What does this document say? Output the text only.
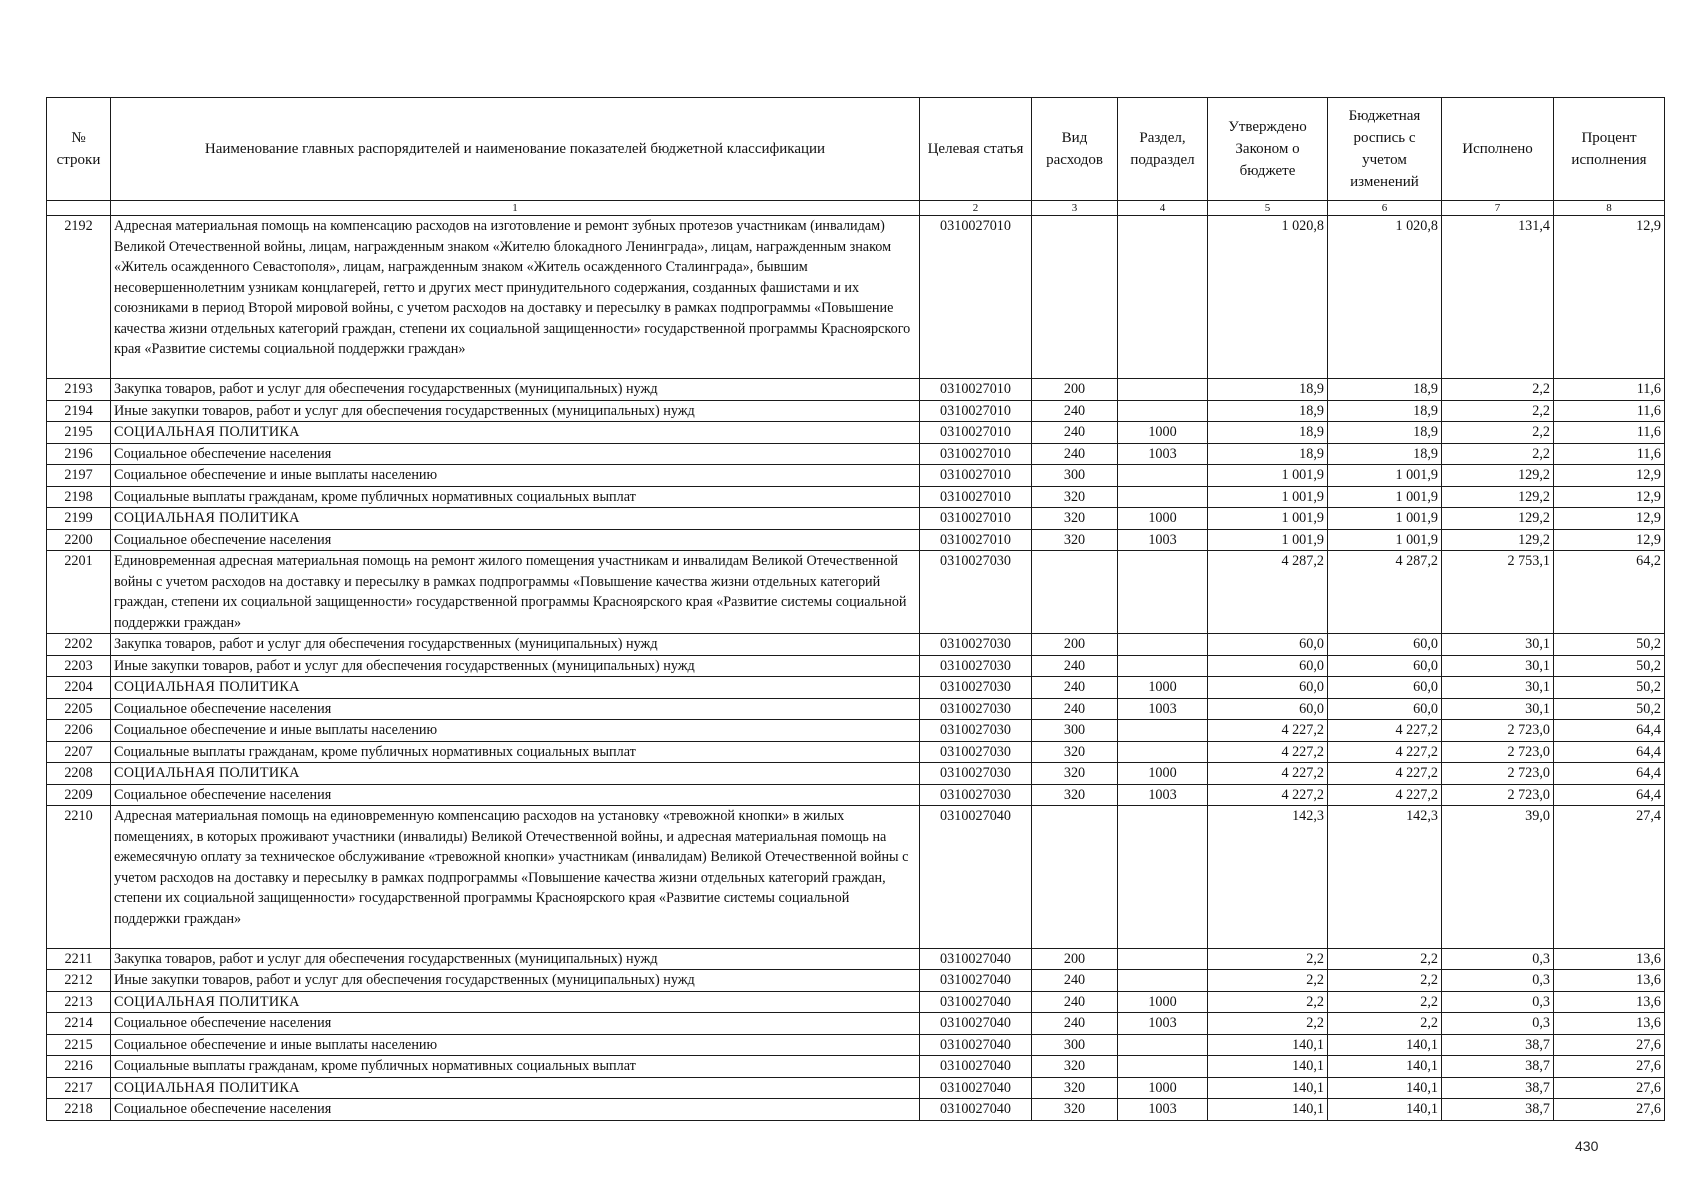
№ строки	Наименование главных распорядителей и наименование показателей бюджетной классификации	Целевая статья	Вид расходов	Раздел, подраздел	Утверждено Законом о бюджете	Бюджетная роспись с учетом изменений	Исполнено	Процент исполнения
	1	2	3	4	5	6	7	8
2192	Адресная материальная помощь на компенсацию расходов на изготовление и ремонт зубных протезов участникам (инвалидам) Великой Отечественной войны, лицам, награжденным знаком «Жителю блокадного Ленинграда», лицам, награжденным знаком «Житель осажденного Севастополя», лицам, награжденным знаком «Житель осажденного Сталинграда», бывшим несовершеннолетним узникам концлагерей, гетто и других мест принудительного содержания, созданных фашистами и их союзниками в период Второй мировой войны, с учетом расходов на доставку и пересылку в рамках подпрограммы «Повышение качества жизни отдельных категорий граждан, степени их социальной защищенности» государственной программы Красноярского края «Развитие системы социальной поддержки граждан»	0310027010			1 020,8	1 020,8	131,4	12,9
2193	Закупка товаров, работ и услуг для обеспечения государственных (муниципальных) нужд	0310027010	200		18,9	18,9	2,2	11,6
2194	Иные закупки товаров, работ и услуг для обеспечения государственных (муниципальных) нужд	0310027010	240		18,9	18,9	2,2	11,6
2195	СОЦИАЛЬНАЯ ПОЛИТИКА	0310027010	240	1000	18,9	18,9	2,2	11,6
2196	Социальное обеспечение населения	0310027010	240	1003	18,9	18,9	2,2	11,6
2197	Социальное обеспечение и иные выплаты населению	0310027010	300		1 001,9	1 001,9	129,2	12,9
2198	Социальные выплаты гражданам, кроме публичных нормативных социальных выплат	0310027010	320		1 001,9	1 001,9	129,2	12,9
2199	СОЦИАЛЬНАЯ ПОЛИТИКА	0310027010	320	1000	1 001,9	1 001,9	129,2	12,9
2200	Социальное обеспечение населения	0310027010	320	1003	1 001,9	1 001,9	129,2	12,9
2201	Единовременная адресная материальная помощь на ремонт жилого помещения участникам и инвалидам Великой Отечественной войны с учетом расходов на доставку и пересылку в рамках подпрограммы «Повышение качества жизни отдельных категорий граждан, степени их социальной защищенности» государственной программы Красноярского края «Развитие системы социальной поддержки граждан»	0310027030			4 287,2	4 287,2	2 753,1	64,2
2202	Закупка товаров, работ и услуг для обеспечения государственных (муниципальных) нужд	0310027030	200		60,0	60,0	30,1	50,2
2203	Иные закупки товаров, работ и услуг для обеспечения государственных (муниципальных) нужд	0310027030	240		60,0	60,0	30,1	50,2
2204	СОЦИАЛЬНАЯ ПОЛИТИКА	0310027030	240	1000	60,0	60,0	30,1	50,2
2205	Социальное обеспечение населения	0310027030	240	1003	60,0	60,0	30,1	50,2
2206	Социальное обеспечение и иные выплаты населению	0310027030	300		4 227,2	4 227,2	2 723,0	64,4
2207	Социальные выплаты гражданам, кроме публичных нормативных социальных выплат	0310027030	320		4 227,2	4 227,2	2 723,0	64,4
2208	СОЦИАЛЬНАЯ ПОЛИТИКА	0310027030	320	1000	4 227,2	4 227,2	2 723,0	64,4
2209	Социальное обеспечение населения	0310027030	320	1003	4 227,2	4 227,2	2 723,0	64,4
2210	Адресная материальная помощь на единовременную компенсацию расходов на установку «тревожной кнопки» в жилых помещениях, в которых проживают участники (инвалиды) Великой Отечественной войны, и адресная материальная помощь на ежемесячную оплату за техническое обслуживание «тревожной кнопки» участникам (инвалидам) Великой Отечественной войны с учетом расходов на доставку и пересылку в рамках подпрограммы «Повышение качества жизни отдельных категорий граждан, степени их социальной защищенности» государственной программы Красноярского края «Развитие системы социальной поддержки граждан»	0310027040			142,3	142,3	39,0	27,4
2211	Закупка товаров, работ и услуг для обеспечения государственных (муниципальных) нужд	0310027040	200		2,2	2,2	0,3	13,6
2212	Иные закупки товаров, работ и услуг для обеспечения государственных (муниципальных) нужд	0310027040	240		2,2	2,2	0,3	13,6
2213	СОЦИАЛЬНАЯ ПОЛИТИКА	0310027040	240	1000	2,2	2,2	0,3	13,6
2214	Социальное обеспечение населения	0310027040	240	1003	2,2	2,2	0,3	13,6
2215	Социальное обеспечение и иные выплаты населению	0310027040	300		140,1	140,1	38,7	27,6
2216	Социальные выплаты гражданам, кроме публичных нормативных социальных выплат	0310027040	320		140,1	140,1	38,7	27,6
2217	СОЦИАЛЬНАЯ ПОЛИТИКА	0310027040	320	1000	140,1	140,1	38,7	27,6
2218	Социальное обеспечение населения	0310027040	320	1003	140,1	140,1	38,7	27,6
430
